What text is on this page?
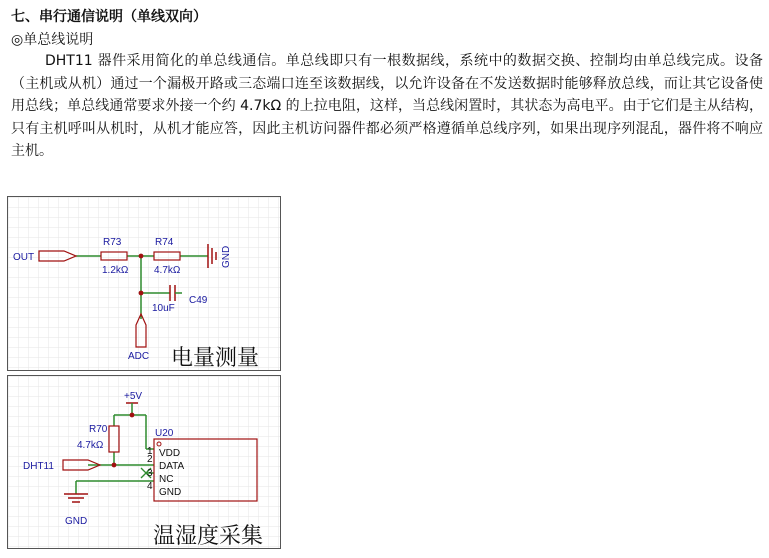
七、串行通信说明（单线双向）
◎单总线说明
DHT11 器件采用简化的单总线通信。单总线即只有一根数据线，系统中的数据交换、控制均由单总线完成。设备（主机或从机）通过一个漏极开路或三态端口连至该数据线，以允许设备在不发送数据时能够释放总线，而让其它设备使用总线；单总线通常要求外接一个约 4.7kΩ 的上拉电阻，这样，当总线闲置时，其状态为高电平。由于它们是主从结构，只有主机呼叫从机时，从机才能应答，因此主机访问器件都必须严格遵循单总线序列，如果出现序列混乱，器件将不响应主机。
OUT
R73
1.2kΩ
R74
4.7kΩ
GND
10uF
C49
ADC 电量测量
+5V
R70
4.7kΩ
DHT11
U20
1 VDD
2
DATA
3
NC
4
GND
GND
温湿度采集
